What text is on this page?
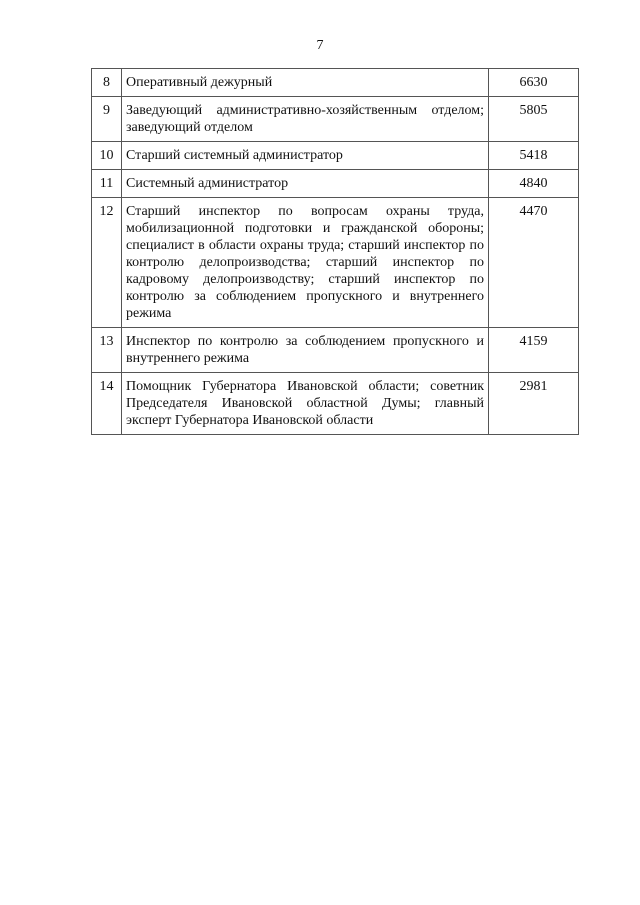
7
8	Оперативный дежурный	6630
9	Заведующий административно-хозяйственным отделом; заведующий отделом	5805
10	Старший системный администратор	5418
11	Системный администратор	4840
12	Старший инспектор по вопросам охраны труда, мобилизационной подготовки и гражданской обороны; специалист в области охраны труда; старший инспектор по контролю делопроизводства; старший инспектор по кадровому делопроизводству; старший инспектор по контролю за соблюдением пропускного и внутреннего режима	4470
13	Инспектор по контролю за соблюдением пропускного и внутреннего режима	4159
14	Помощник Губернатора Ивановской области; советник Председателя Ивановской областной Думы; главный эксперт Губернатора Ивановской области	2981
